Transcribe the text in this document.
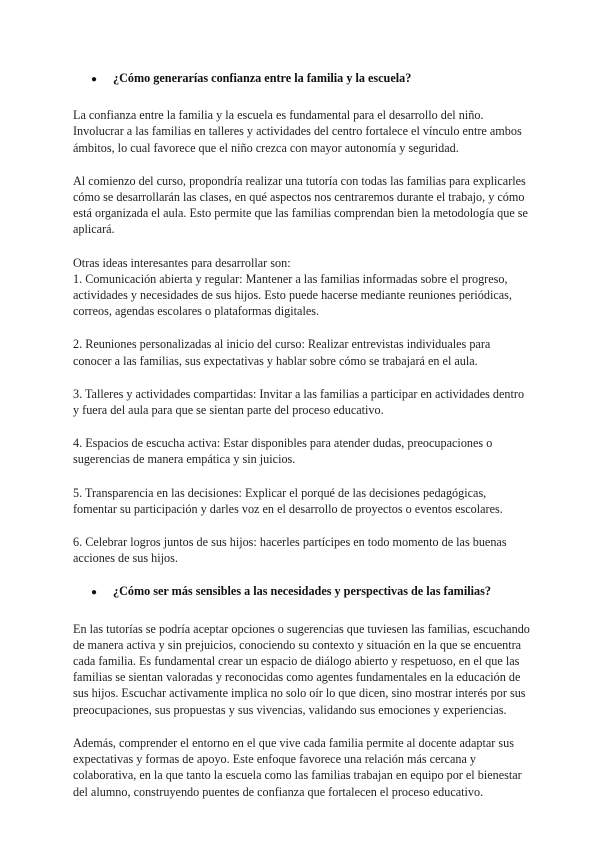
●	¿Cómo generarías confianza entre la familia y la escuela?

La confianza entre la familia y la escuela es fundamental para el desarrollo del niño. Involucrar a las familias en talleres y actividades del centro fortalece el vínculo entre ambos ámbitos, lo cual favorece que el niño crezca con mayor autonomía y seguridad.

Al comienzo del curso, propondría realizar una tutoría con todas las familias para explicarles cómo se desarrollarán las clases, en qué aspectos nos centraremos durante el trabajo, y cómo está organizada el aula. Esto permite que las familias comprendan bien la metodología que se aplicará.

Otras ideas interesantes para desarrollar son:
1. Comunicación abierta y regular: Mantener a las familias informadas sobre el progreso, actividades y necesidades de sus hijos. Esto puede hacerse mediante reuniones periódicas, correos, agendas escolares o plataformas digitales.
2. Reuniones personalizadas al inicio del curso: Realizar entrevistas individuales para conocer a las familias, sus expectativas y hablar sobre cómo se trabajará en el aula.
3. Talleres y actividades compartidas: Invitar a las familias a participar en actividades dentro y fuera del aula para que se sientan parte del proceso educativo.
4. Espacios de escucha activa: Estar disponibles para atender dudas, preocupaciones o sugerencias de manera empática y sin juicios.
5. Transparencia en las decisiones: Explicar el porqué de las decisiones pedagógicas, fomentar su participación y darles voz en el desarrollo de proyectos o eventos escolares.
6. Celebrar logros juntos de sus hijos: hacerles partícipes en todo momento de las buenas acciones de sus hijos.
●	¿Cómo ser más sensibles a las necesidades y perspectivas de las familias?

En las tutorías se podría aceptar opciones o sugerencias que tuviesen las familias, escuchando de manera activa y sin prejuicios, conociendo su contexto y situación en la que se encuentra cada familia. Es fundamental crear un espacio de diálogo abierto y respetuoso, en el que las familias se sientan valoradas y reconocidas como agentes fundamentales en la educación de sus hijos. Escuchar activamente implica no solo oír lo que dicen, sino mostrar interés por sus preocupaciones, sus propuestas y sus vivencias, validando sus emociones y experiencias.

Además, comprender el entorno en el que vive cada familia permite al docente adaptar sus expectativas y formas de apoyo. Este enfoque favorece una relación más cercana y colaborativa, en la que tanto la escuela como las familias trabajan en equipo por el bienestar del alumno, construyendo puentes de confianza que fortalecen el proceso educativo.
